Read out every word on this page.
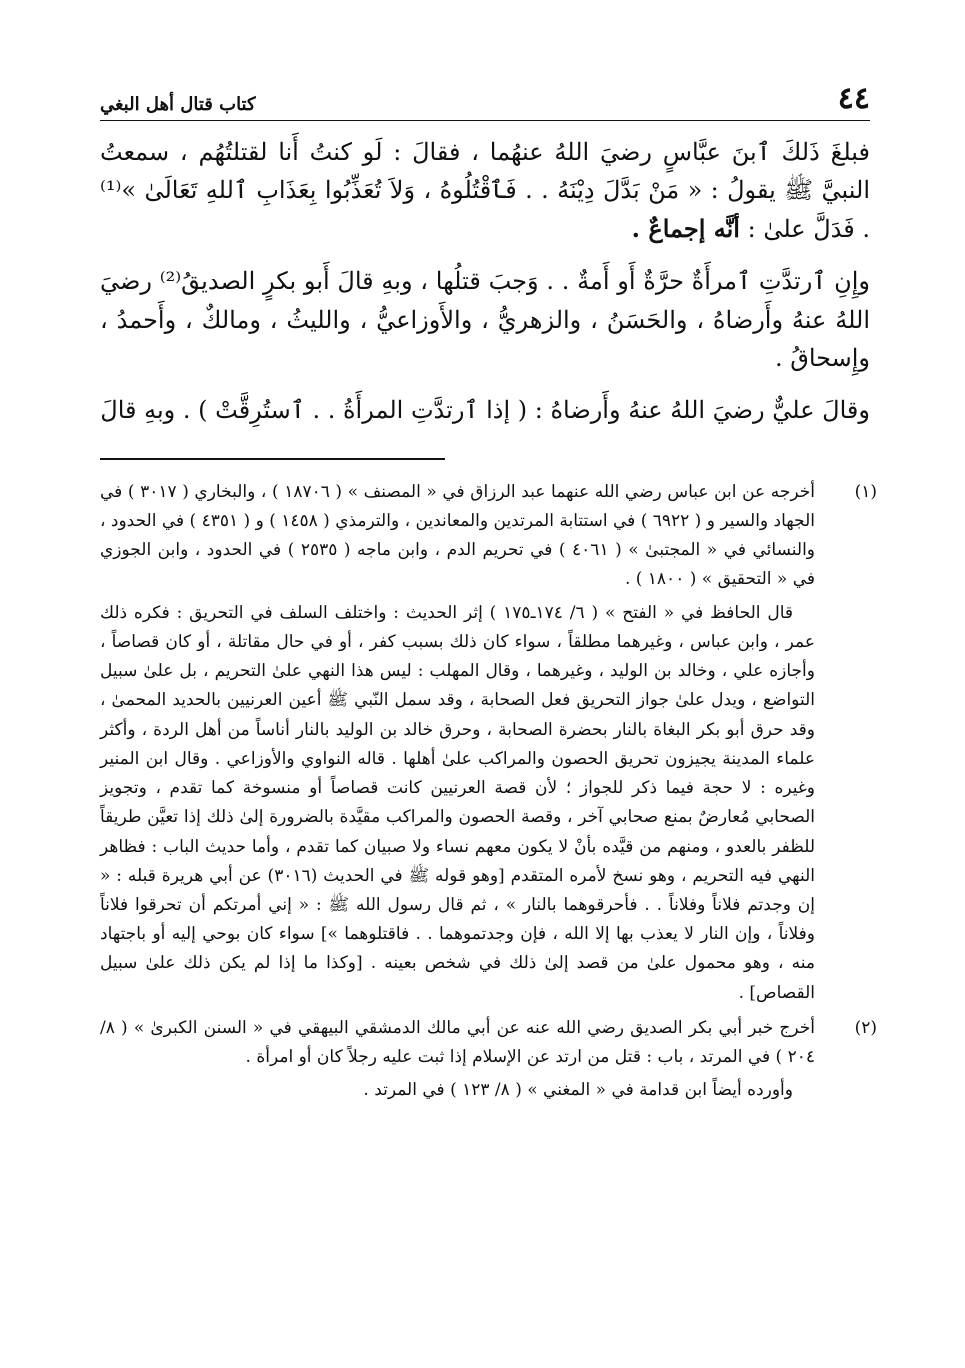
٤٤
كتاب قتال أهل البغي

فبلغَ ذَلكَ ٱبنَ عبَّاسٍ رضيَ اللهُ عنهُما ، فقالَ : لَو كنتُ أَنا لقتلتُهُم ، سمعتُ النبيَّ ﷺ يقولُ : « مَنْ بَدَّلَ دِيْنَهُ . . فَٱقْتُلُوهُ ، وَلاَ تُعَذِّبُوا بِعَذَابِ ٱللهِ تَعَالَىٰ »⁽¹⁾ . فَدَلَّ علىٰ : أنَّه إجماعٌ .

وإِنِ ٱرتدَّتِ ٱمرأَةٌ حرَّةٌ أَو أَمةٌ . . وَجبَ قتلُها ، وبهِ قالَ أَبو بكرٍ الصديقُ⁽²⁾ رضيَ اللهُ عنهُ وأَرضاهُ ، والحَسَنُ ، والزهريُّ ، والأَوزاعيُّ ، والليثُ ، ومالكٌ ، وأَحمدُ ، وإِسحاقُ .

وقالَ عليٌّ رضيَ اللهُ عنهُ وأَرضاهُ : ( إذا ٱرتدَّتِ المرأَةُ . . ٱستُرِقَّتْ ) . وبهِ قالَ

(١)

أخرجه عن ابن عباس رضي الله عنهما عبد الرزاق في « المصنف » ( ١٨٧٠٦ ) ، والبخاري ( ٣٠١٧ ) في الجهاد والسير و ( ٦٩٢٢ ) في استتابة المرتدين والمعاندين ، والترمذي ( ١٤٥٨ ) و ( ٤٣٥١ ) في الحدود ، والنسائي في « المجتبىٰ » ( ٤٠٦١ ) في تحريم الدم ، وابن ماجه ( ٢٥٣٥ ) في الحدود ، وابن الجوزي في « التحقيق » ( ١٨٠٠ ) .

قال الحافظ في « الفتح » ( ٦/ ١٧٤ـ١٧٥ ) إثر الحديث : واختلف السلف في التحريق : فكره ذلك عمر ، وابن عباس ، وغيرهما مطلقاً ، سواء كان ذلك بسبب كفر ، أو في حال مقاتلة ، أو كان قصاصاً ، وأجازه علي ، وخالد بن الوليد ، وغيرهما ، وقال المهلب : ليس هذا النهي علىٰ التحريم ، بل علىٰ سبيل التواضع ، ويدل علىٰ جواز التحريق فعل الصحابة ، وقد سمل النّبي ﷺ أعين العرنيين بالحديد المحمىٰ ، وقد حرق أبو بكر البغاة بالنار بحضرة الصحابة ، وحرق خالد بن الوليد بالنار أناساً من أهل الردة ، وأكثر علماء المدينة يجيزون تحريق الحصون والمراكب علىٰ أهلها . قاله النواوي والأوزاعي . وقال ابن المنير وغيره : لا حجة فيما ذكر للجواز ؛ لأن قصة العرنيين كانت قصاصاً أو منسوخة كما تقدم ، وتجويز الصحابي مُعارضٌ بمنع صحابي آخر ، وقصة الحصون والمراكب مقيَّدة بالضرورة إلىٰ ذلك إذا تعيَّن طريقاً للظفر بالعدو ، ومنهم من قيَّده بأنْ لا يكون معهم نساء ولا صبيان كما تقدم ، وأما حديث الباب : فظاهر النهي فيه التحريم ، وهو نسخ لأمره المتقدم [وهو قوله ﷺ في الحديث (٣٠١٦) عن أبي هريرة قبله : « إن وجدتم فلاناً وفلاناً . . فأحرقوهما بالنار » ، ثم قال رسول الله ﷺ : « إني أمرتكم أن تحرقوا فلاناً وفلاناً ، وإن النار لا يعذب بها إلا الله ، فإن وجدتموهما . . فاقتلوهما »] سواء كان بوحي إليه أو باجتهاد منه ، وهو محمول علىٰ من قصد إلىٰ ذلك في شخص بعينه . [وكذا ما إذا لم يكن ذلك علىٰ سبيل القصاص] .

(٢)

أخرج خبر أبي بكر الصديق رضي الله عنه عن أبي مالك الدمشقي البيهقي في « السنن الكبرىٰ » ( ٨/ ٢٠٤ ) في المرتد ، باب : قتل من ارتد عن الإسلام إذا ثبت عليه رجلاً كان أو امرأة .

وأورده أيضاً ابن قدامة في « المغني » ( ٨/ ١٢٣ ) في المرتد .
